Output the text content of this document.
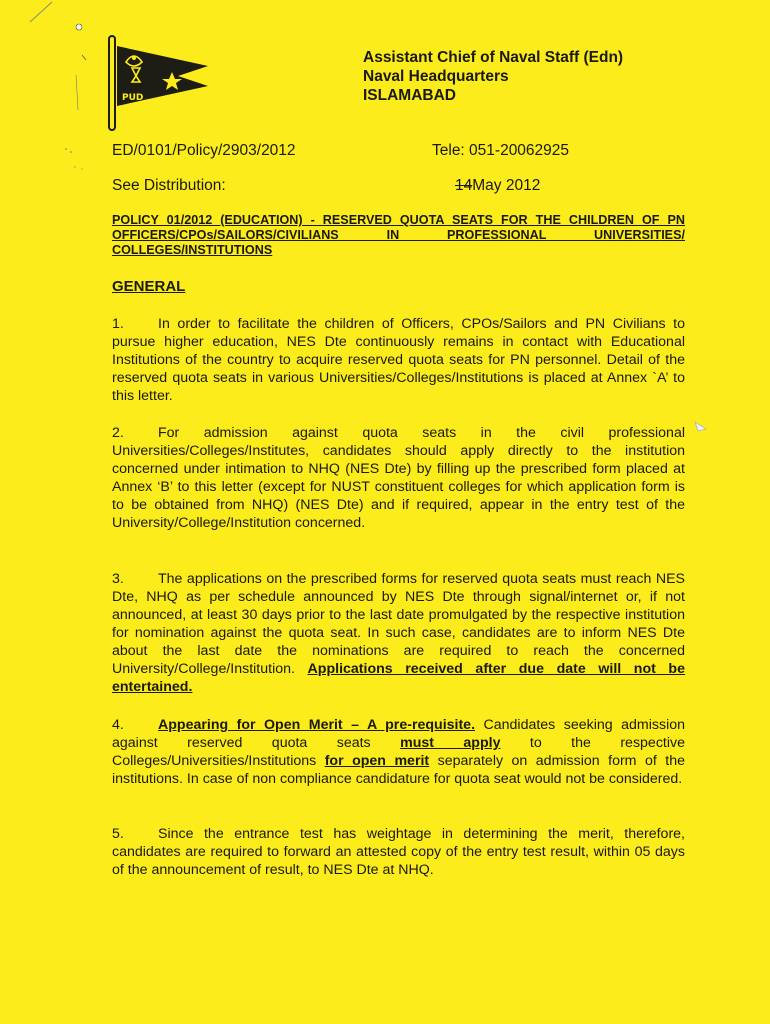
PUD
Assistant Chief of Naval Staff (Edn)
Naval Headquarters
ISLAMABAD
ED/0101/Policy/2903/2012	Tele: 051-20062925
See Distribution:	14May 2012
POLICY 01/2012 (EDUCATION) - RESERVED QUOTA SEATS FOR THE CHILDREN OF PN OFFICERS/CPOs/SAILORS/CIVILIANS IN PROFESSIONAL UNIVERSITIES/ COLLEGES/INSTITUTIONS
GENERAL
1. In order to facilitate the children of Officers, CPOs/Sailors and PN Civilians to pursue higher education, NES Dte continuously remains in contact with Educational Institutions of the country to acquire reserved quota seats for PN personnel. Detail of the reserved quota seats in various Universities/Colleges/Institutions is placed at Annex `A’ to this letter.
2. For admission against quota seats in the civil professional Universities/Colleges/Institutes, candidates should apply directly to the institution concerned under intimation to NHQ (NES Dte) by filling up the prescribed form placed at Annex ‘B’ to this letter (except for NUST constituent colleges for which application form is to be obtained from NHQ) (NES Dte) and if required, appear in the entry test of the University/College/Institution concerned.
3. The applications on the prescribed forms for reserved quota seats must reach NES Dte, NHQ as per schedule announced by NES Dte through signal/internet or, if not announced, at least 30 days prior to the last date promulgated by the respective institution for nomination against the quota seat. In such case, candidates are to inform NES Dte about the last date the nominations are required to reach the concerned University/College/Institution. Applications received after due date will not be entertained.
4. Appearing for Open Merit – A pre-requisite. Candidates seeking admission against reserved quota seats must apply to the respective Colleges/Universities/Institutions for open merit separately on admission form of the institutions. In case of non compliance candidature for quota seat would not be considered.
5. Since the entrance test has weightage in determining the merit, therefore, candidates are required to forward an attested copy of the entry test result, within 05 days of the announcement of result, to NES Dte at NHQ.
